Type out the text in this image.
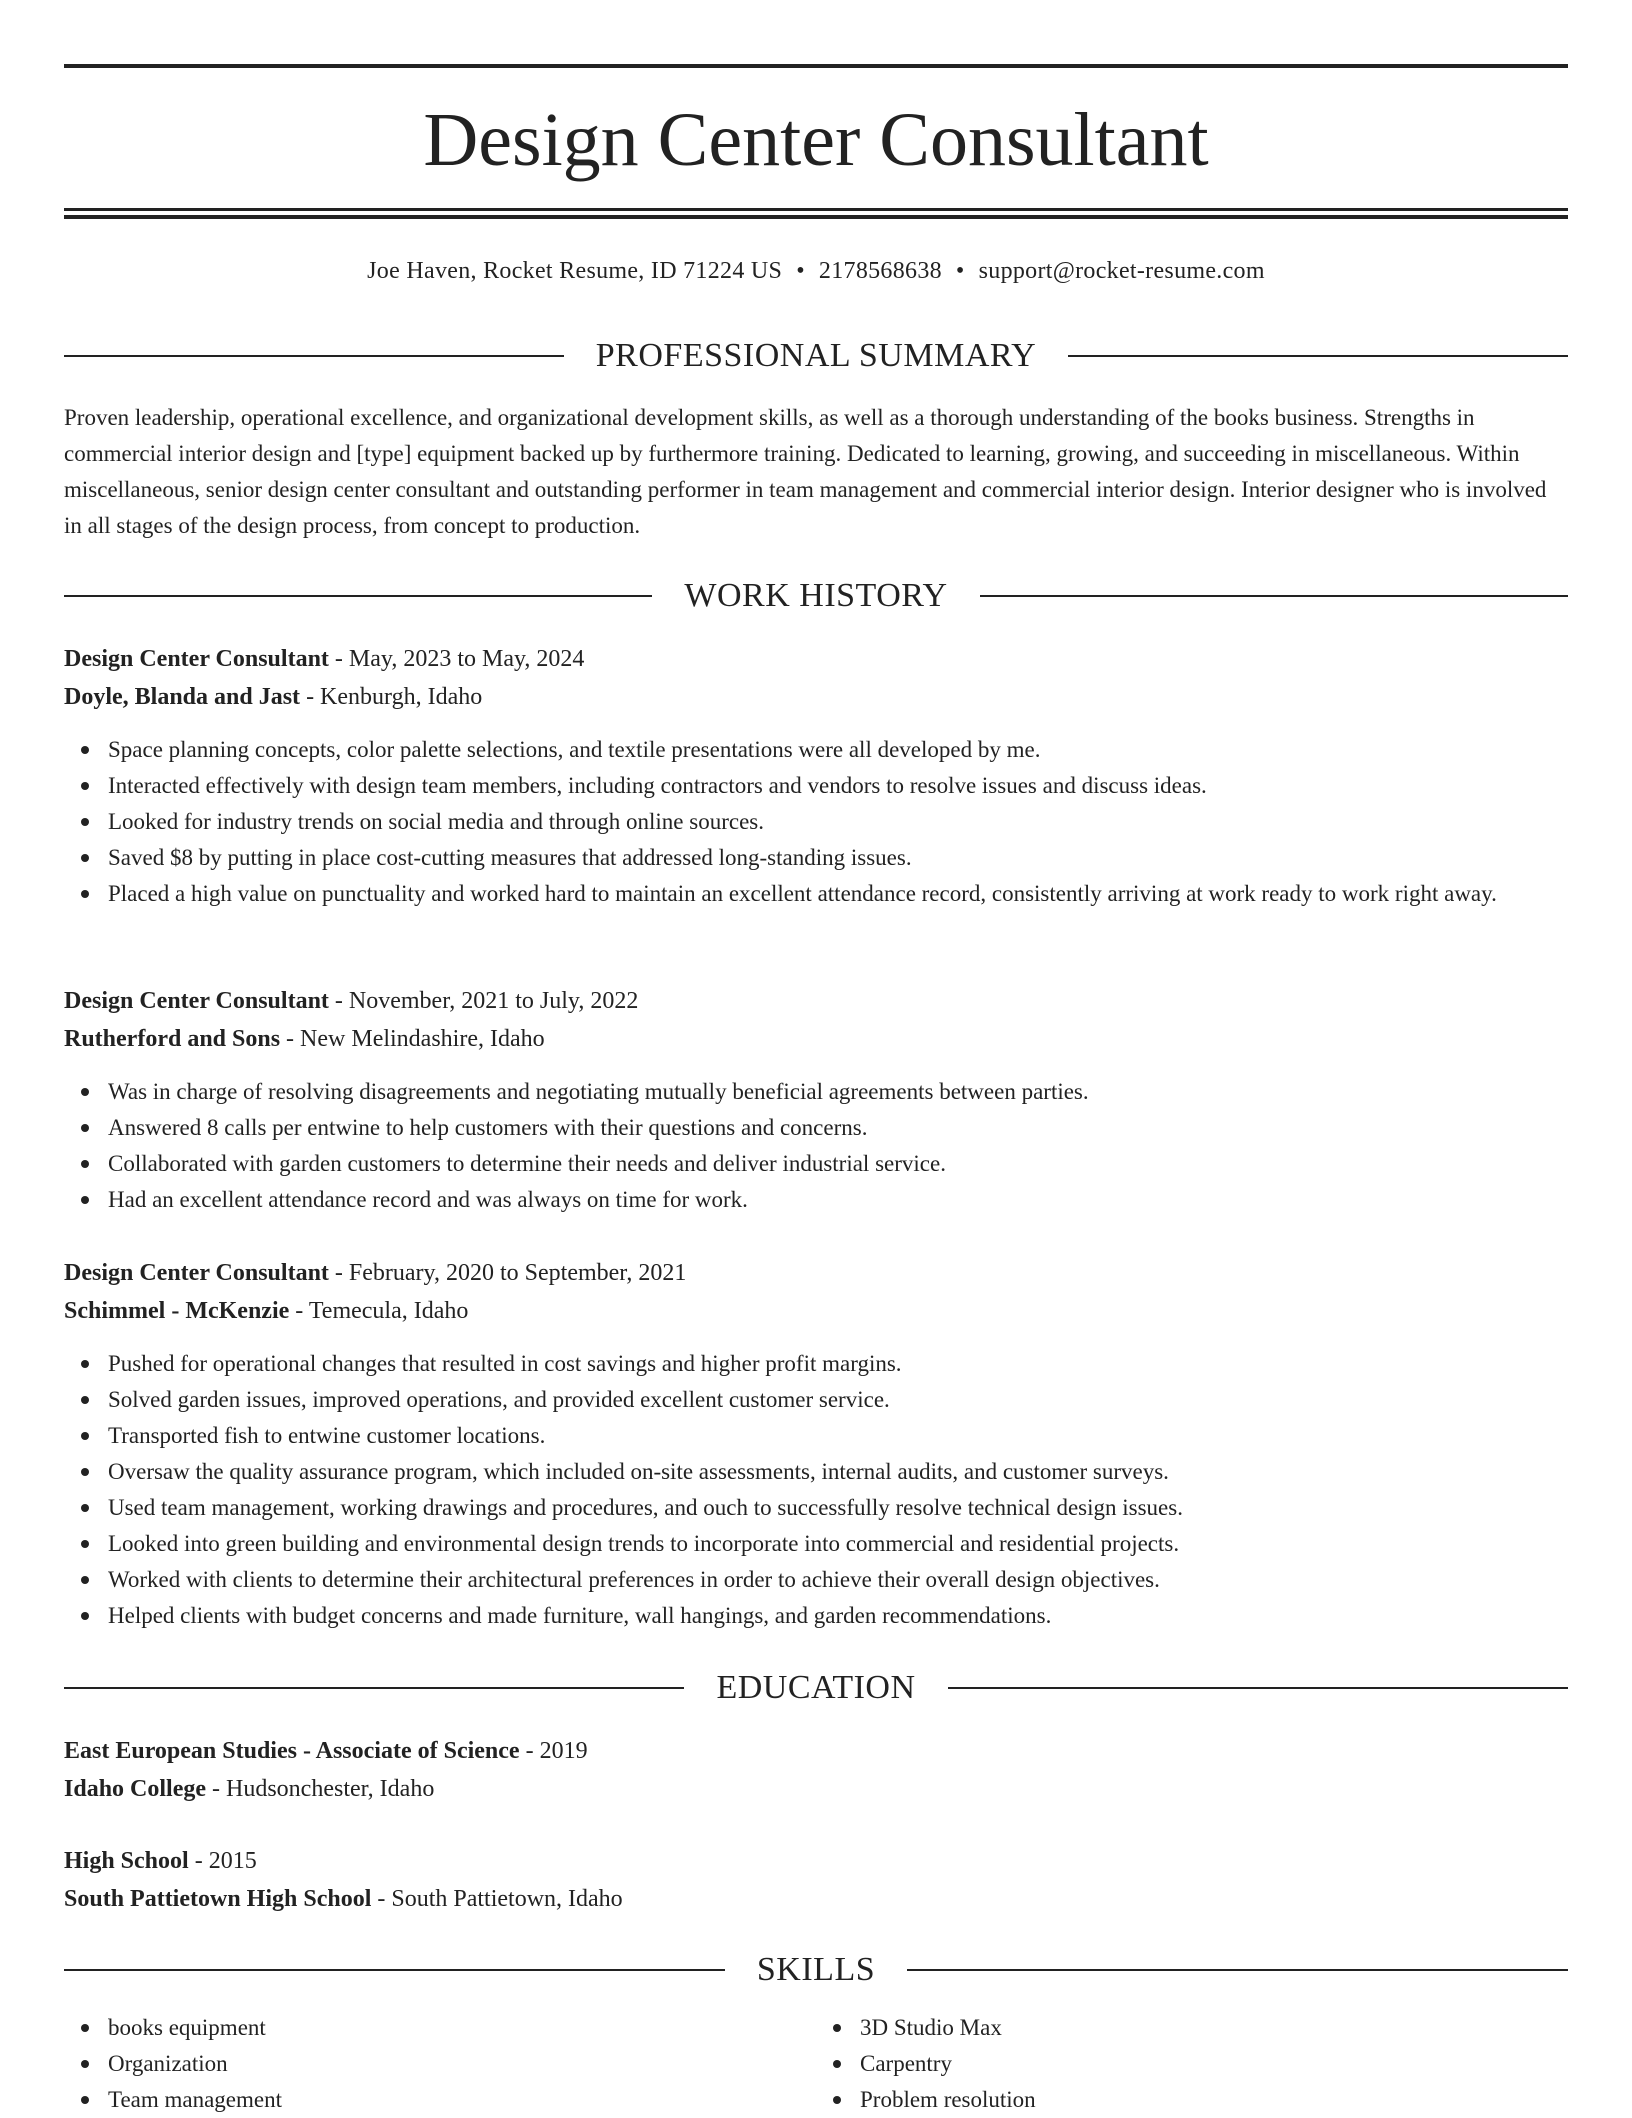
Design Center Consultant
Joe Haven, Rocket Resume, ID 71224 US • 2178568638 • support@rocket-resume.com
PROFESSIONAL SUMMARY

Proven leadership, operational excellence, and organizational development skills, as well as a thorough understanding of the books business. Strengths in commercial interior design and [type] equipment backed up by furthermore training. Dedicated to learning, growing, and succeeding in miscellaneous. Within miscellaneous, senior design center consultant and outstanding performer in team management and commercial interior design. Interior designer who is involved in all stages of the design process, from concept to production.

WORK HISTORY

Design Center Consultant - May, 2023 to May, 2024

Doyle, Blanda and Jast - Kenburgh, Idaho

Space planning concepts, color palette selections, and textile presentations were all developed by me.
Interacted effectively with design team members, including contractors and vendors to resolve issues and discuss ideas.
Looked for industry trends on social media and through online sources.
Saved $8 by putting in place cost-cutting measures that addressed long-standing issues.
Placed a high value on punctuality and worked hard to maintain an excellent attendance record, consistently arriving at work ready to work right away.

Design Center Consultant - November, 2021 to July, 2022

Rutherford and Sons - New Melindashire, Idaho

Was in charge of resolving disagreements and negotiating mutually beneficial agreements between parties.
Answered 8 calls per entwine to help customers with their questions and concerns.
Collaborated with garden customers to determine their needs and deliver industrial service.
Had an excellent attendance record and was always on time for work.

Design Center Consultant - February, 2020 to September, 2021

Schimmel - McKenzie - Temecula, Idaho

Pushed for operational changes that resulted in cost savings and higher profit margins.
Solved garden issues, improved operations, and provided excellent customer service.
Transported fish to entwine customer locations.
Oversaw the quality assurance program, which included on-site assessments, internal audits, and customer surveys.
Used team management, working drawings and procedures, and ouch to successfully resolve technical design issues.
Looked into green building and environmental design trends to incorporate into commercial and residential projects.
Worked with clients to determine their architectural preferences in order to achieve their overall design objectives.
Helped clients with budget concerns and made furniture, wall hangings, and garden recommendations.
EDUCATION

East European Studies - Associate of Science - 2019

Idaho College - Hudsonchester, Idaho

High School - 2015

South Pattietown High School - South Pattietown, Idaho

SKILLS
books equipment
Organization
Team management
3D Studio Max
Carpentry
Problem resolution
